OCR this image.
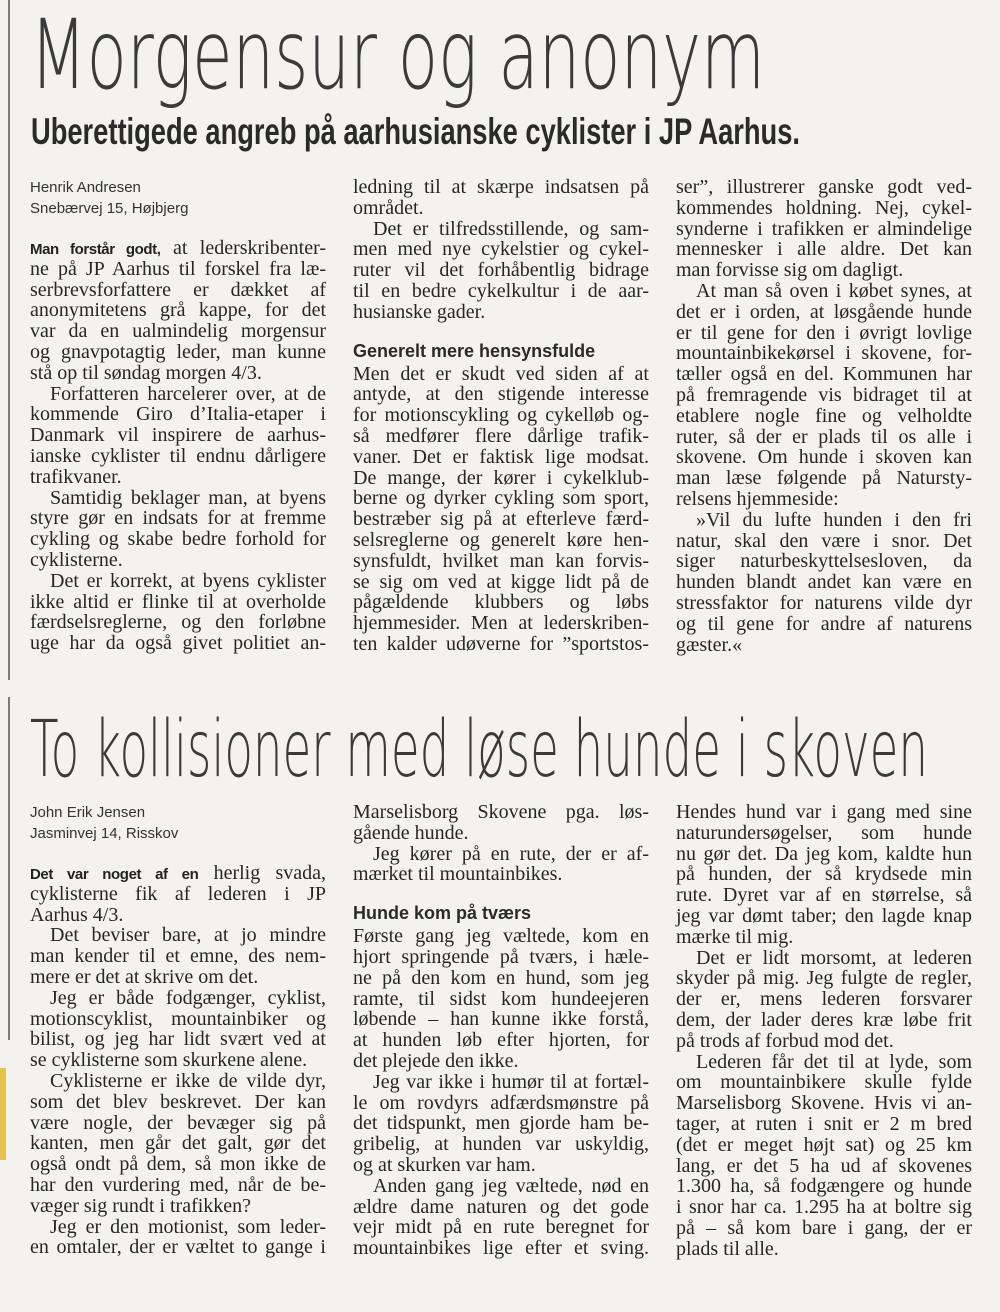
Morgensur og anonym
Uberettigede angreb på aarhusianske cyklister i JP Aarhus.
Henrik Andresen
Snebærvej 15, Højbjerg
Man forstår godt, at lederskribenter-
ne på JP Aarhus til forskel fra læ-
serbrevsforfattere er dækket af
anonymitetens grå kappe, for det
var da en ualmindelig morgensur
og gnavpotagtig leder, man kunne
stå op til søndag morgen 4/3.
Forfatteren harcelerer over, at de
kommende Giro d’Italia-etaper i
Danmark vil inspirere de aarhus-
ianske cyklister til endnu dårligere
trafikvaner.
Samtidig beklager man, at byens
styre gør en indsats for at fremme
cykling og skabe bedre forhold for
cyklisterne.
Det er korrekt, at byens cyklister
ikke altid er flinke til at overholde
færdselsreglerne, og den forløbne
uge har da også givet politiet an-
ledning til at skærpe indsatsen på
området.
Det er tilfredsstillende, og sam-
men med nye cykelstier og cykel-
ruter vil det forhåbentlig bidrage
til en bedre cykelkultur i de aar-
husianske gader.
Generelt mere hensynsfulde
Men det er skudt ved siden af at
antyde, at den stigende interesse
for motionscykling og cykelløb og-
så medfører flere dårlige trafik-
vaner. Det er faktisk lige modsat.
De mange, der kører i cykelklub-
berne og dyrker cykling som sport,
bestræber sig på at efterleve færd-
selsreglerne og generelt køre hen-
synsfuldt, hvilket man kan forvis-
se sig om ved at kigge lidt på de
pågældende klubbers og løbs
hjemmesider. Men at lederskriben-
ten kalder udøverne for ”sportstos-
ser”, illustrerer ganske godt ved-
kommendes holdning. Nej, cykel-
synderne i trafikken er almindelige
mennesker i alle aldre. Det kan
man forvisse sig om dagligt.
At man så oven i købet synes, at
det er i orden, at løsgående hunde
er til gene for den i øvrigt lovlige
mountainbikekørsel i skovene, for-
tæller også en del. Kommunen har
på fremragende vis bidraget til at
etablere nogle fine og velholdte
ruter, så der er plads til os alle i
skovene. Om hunde i skoven kan
man læse følgende på Natursty-
relsens hjemmeside:
»Vil du lufte hunden i den fri
natur, skal den være i snor. Det
siger naturbeskyttelsesloven, da
hunden blandt andet kan være en
stressfaktor for naturens vilde dyr
og til gene for andre af naturens
gæster.«
To kollisioner med løse hunde i skoven
John Erik Jensen
Jasminvej 14, Risskov
Det var noget af en herlig svada,
cyklisterne fik af lederen i JP
Aarhus 4/3.
Det beviser bare, at jo mindre
man kender til et emne, des nem-
mere er det at skrive om det.
Jeg er både fodgænger, cyklist,
motionscyklist, mountainbiker og
bilist, og jeg har lidt svært ved at
se cyklisterne som skurkene alene.
Cyklisterne er ikke de vilde dyr,
som det blev beskrevet. Der kan
være nogle, der bevæger sig på
kanten, men går det galt, gør det
også ondt på dem, så mon ikke de
har den vurdering med, når de be-
væger sig rundt i trafikken?
Jeg er den motionist, som leder-
en omtaler, der er væltet to gange i
Marselisborg Skovene pga. løs-
gående hunde.
Jeg kører på en rute, der er af-
mærket til mountainbikes.
Hunde kom på tværs
Første gang jeg væltede, kom en
hjort springende på tværs, i hæle-
ne på den kom en hund, som jeg
ramte, til sidst kom hundeejeren
løbende – han kunne ikke forstå,
at hunden løb efter hjorten, for
det plejede den ikke.
Jeg var ikke i humør til at fortæl-
le om rovdyrs adfærdsmønstre på
det tidspunkt, men gjorde ham be-
gribelig, at hunden var uskyldig,
og at skurken var ham.
Anden gang jeg væltede, nød en
ældre dame naturen og det gode
vejr midt på en rute beregnet for
mountainbikes lige efter et sving.
Hendes hund var i gang med sine
naturundersøgelser, som hunde
nu gør det. Da jeg kom, kaldte hun
på hunden, der så krydsede min
rute. Dyret var af en størrelse, så
jeg var dømt taber; den lagde knap
mærke til mig.
Det er lidt morsomt, at lederen
skyder på mig. Jeg fulgte de regler,
der er, mens lederen forsvarer
dem, der lader deres kræ løbe frit
på trods af forbud mod det.
Lederen får det til at lyde, som
om mountainbikere skulle fylde
Marselisborg Skovene. Hvis vi an-
tager, at ruten i snit er 2 m bred
(det er meget højt sat) og 25 km
lang, er det 5 ha ud af skovenes
1.300 ha, så fodgængere og hunde
i snor har ca. 1.295 ha at boltre sig
på – så kom bare i gang, der er
plads til alle.
